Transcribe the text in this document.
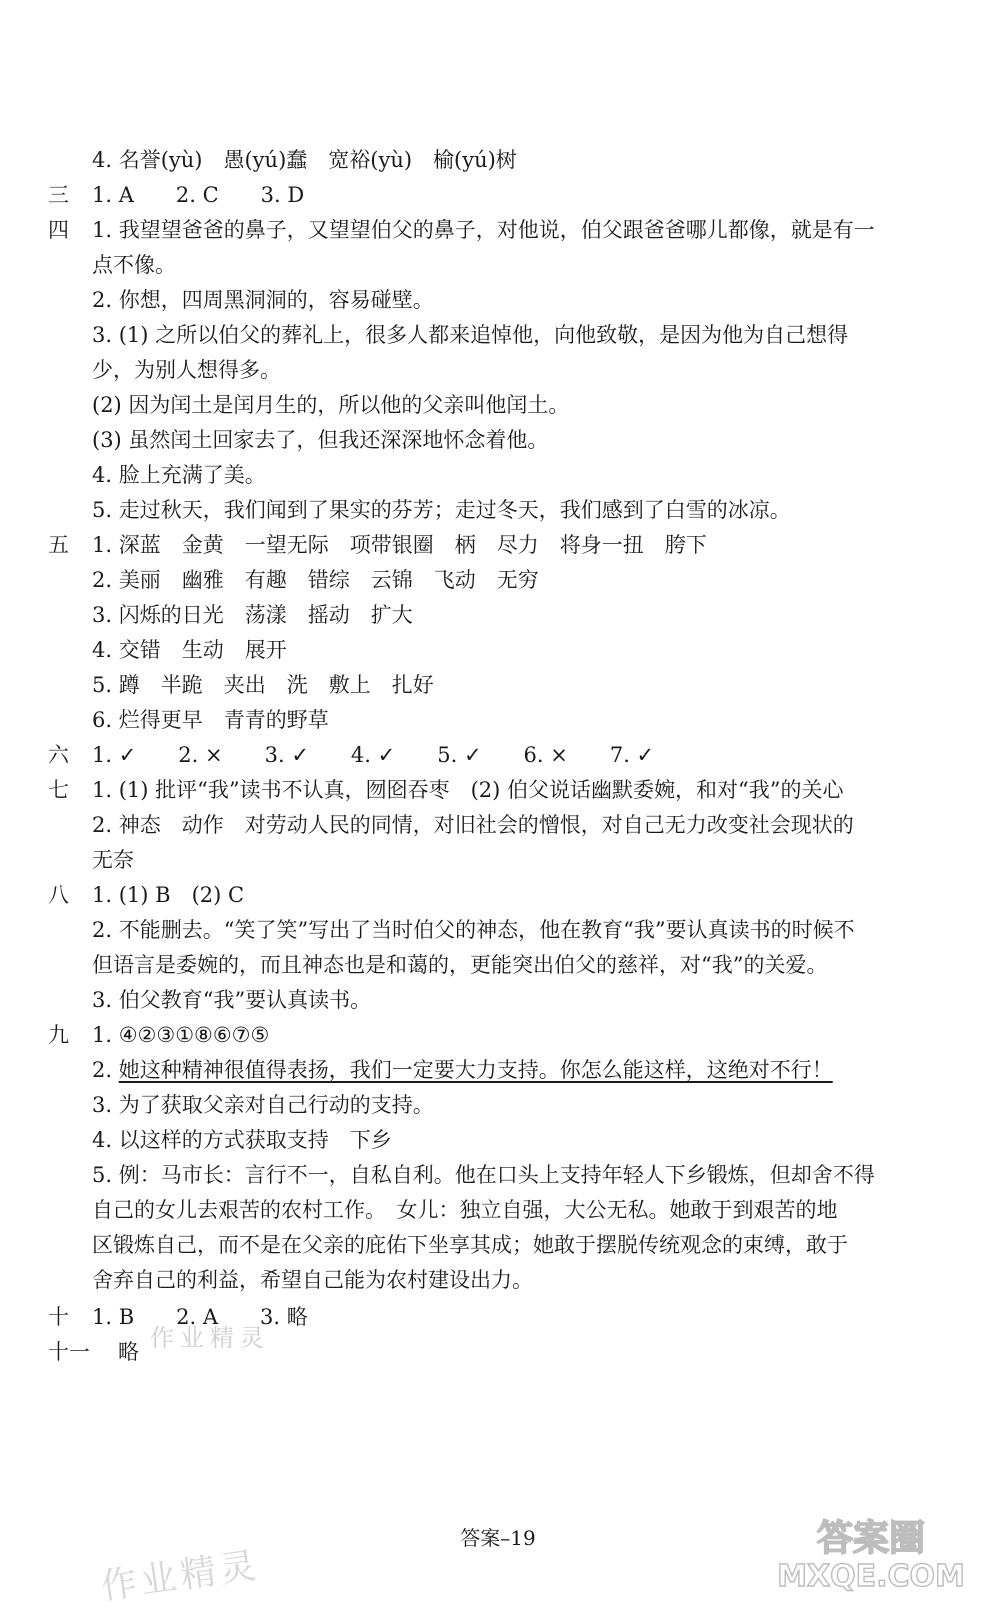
4. 名誉(yù)　愚(yú)蠢　宽裕(yù)　榆(yú)树
三 1. A　　2. C　　3. D
四 1. 我望望爸爸的鼻子，又望望伯父的鼻子，对他说，伯父跟爸爸哪儿都像，就是有一
点不像。
2. 你想，四周黑洞洞的，容易碰壁。
3. (1) 之所以伯父的葬礼上，很多人都来追悼他，向他致敬，是因为他为自己想得
少，为别人想得多。
(2) 因为闰土是闰月生的，所以他的父亲叫他闰土。
(3) 虽然闰土回家去了，但我还深深地怀念着他。
4. 脸上充满了美。
5. 走过秋天，我们闻到了果实的芬芳；走过冬天，我们感到了白雪的冰凉。
五 1. 深蓝　金黄　一望无际　项带银圈　柄　尽力　将身一扭　胯下
2. 美丽　幽雅　有趣　错综　云锦　飞动　无穷
3. 闪烁的日光　荡漾　摇动　扩大
4. 交错　生动　展开
5. 蹲　半跪　夹出　洗　敷上　扎好
6. 烂得更早　青青的野草
六 1. ✓　　2. ×　　3. ✓　　4. ✓　　5. ✓　　6. ×　　7. ✓
七 1. (1) 批评“我”读书不认真，囫囵吞枣　(2) 伯父说话幽默委婉，和对“我”的关心
2. 神态　动作　对劳动人民的同情，对旧社会的憎恨，对自己无力改变社会现状的
无奈
八 1. (1) B　(2) C
2. 不能删去。“笑了笑”写出了当时伯父的神态，他在教育“我”要认真读书的时候不
但语言是委婉的，而且神态也是和蔼的，更能突出伯父的慈祥，对“我”的关爱。
3. 伯父教育“我”要认真读书。
九 1. ④②③①⑧⑥⑦⑤
2. 她这种精神很值得表扬，我们一定要大力支持。你怎么能这样，这绝对不行！
3. 为了获取父亲对自己行动的支持。
4. 以这样的方式获取支持　下乡
5. 例：马市长：言行不一，自私自利。他在口头上支持年轻人下乡锻炼，但却舍不得
自己的女儿去艰苦的农村工作。　女儿：独立自强，大公无私。她敢于到艰苦的地
区锻炼自己，而不是在父亲的庇佑下坐享其成；她敢于摆脱传统观念的束缚，敢于
舍弃自己的利益，希望自己能为农村建设出力。
十 1. B　　2. A　　3. 略
十一 略 作业精灵
答案–19
作业精灵
答案圈
MXQE.COM
